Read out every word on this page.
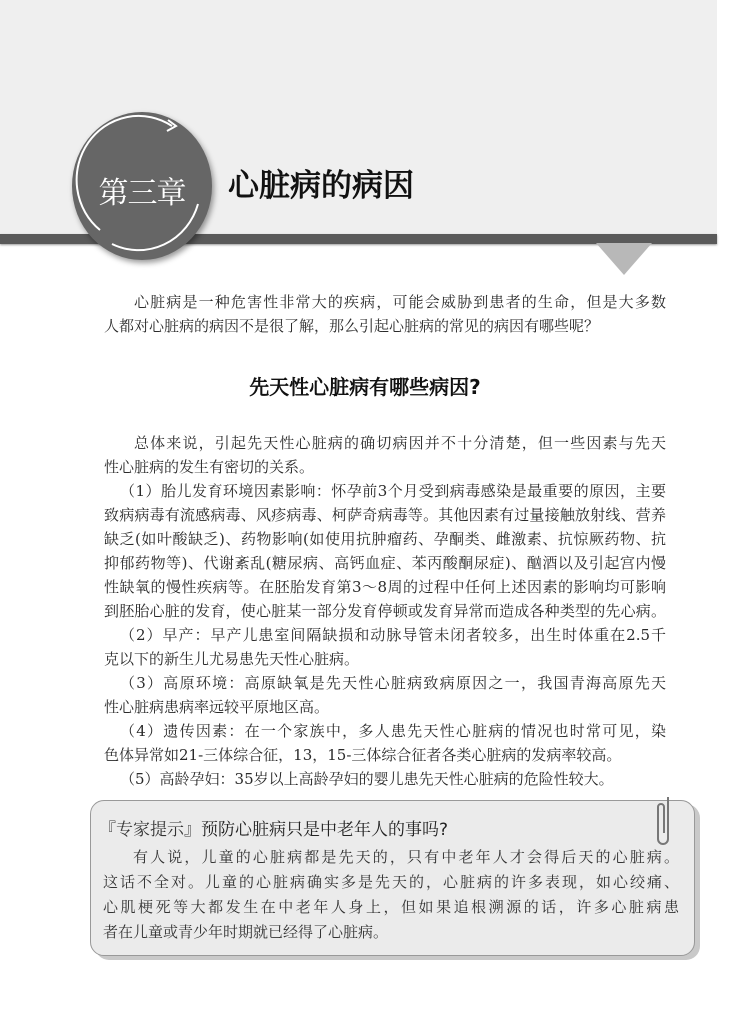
第三章	心脏病的病因
心脏病是一种危害性非常大的疾病，可能会威胁到患者的生命，但是大多数
人都对心脏病的病因不是很了解，那么引起心脏病的常见的病因有哪些呢？
先天性心脏病有哪些病因?
总体来说，引起先天性心脏病的确切病因并不十分清楚，但一些因素与先天
性心脏病的发生有密切的关系。
（1）胎儿发育环境因素影响：怀孕前3个月受到病毒感染是最重要的原因，主要
致病病毒有流感病毒、风疹病毒、柯萨奇病毒等。其他因素有过量接触放射线、营养
缺乏(如叶酸缺乏)、药物影响(如使用抗肿瘤药、孕酮类、雌激素、抗惊厥药物、抗
抑郁药物等)、代谢紊乱(糖尿病、高钙血症、苯丙酸酮尿症)、酗酒以及引起宫内慢
性缺氧的慢性疾病等。在胚胎发育第3～8周的过程中任何上述因素的影响均可影响
到胚胎心脏的发育，使心脏某一部分发育停顿或发育异常而造成各种类型的先心病。
（2）早产：早产儿患室间隔缺损和动脉导管未闭者较多，出生时体重在2.5千
克以下的新生儿尤易患先天性心脏病。
（3）高原环境：高原缺氧是先天性心脏病致病原因之一，我国青海高原先天
性心脏病患病率远较平原地区高。
（4）遗传因素：在一个家族中，多人患先天性心脏病的情况也时常可见，染
色体异常如21-三体综合征，13，15-三体综合征者各类心脏病的发病率较高。
（5）高龄孕妇：35岁以上高龄孕妇的婴儿患先天性心脏病的危险性较大。
『专家提示』预防心脏病只是中老年人的事吗?
有人说，儿童的心脏病都是先天的，只有中老年人才会得后天的心脏病。
这话不全对。儿童的心脏病确实多是先天的，心脏病的许多表现，如心绞痛、
心肌梗死等大都发生在中老年人身上，但如果追根溯源的话，许多心脏病患
者在儿童或青少年时期就已经得了心脏病。
